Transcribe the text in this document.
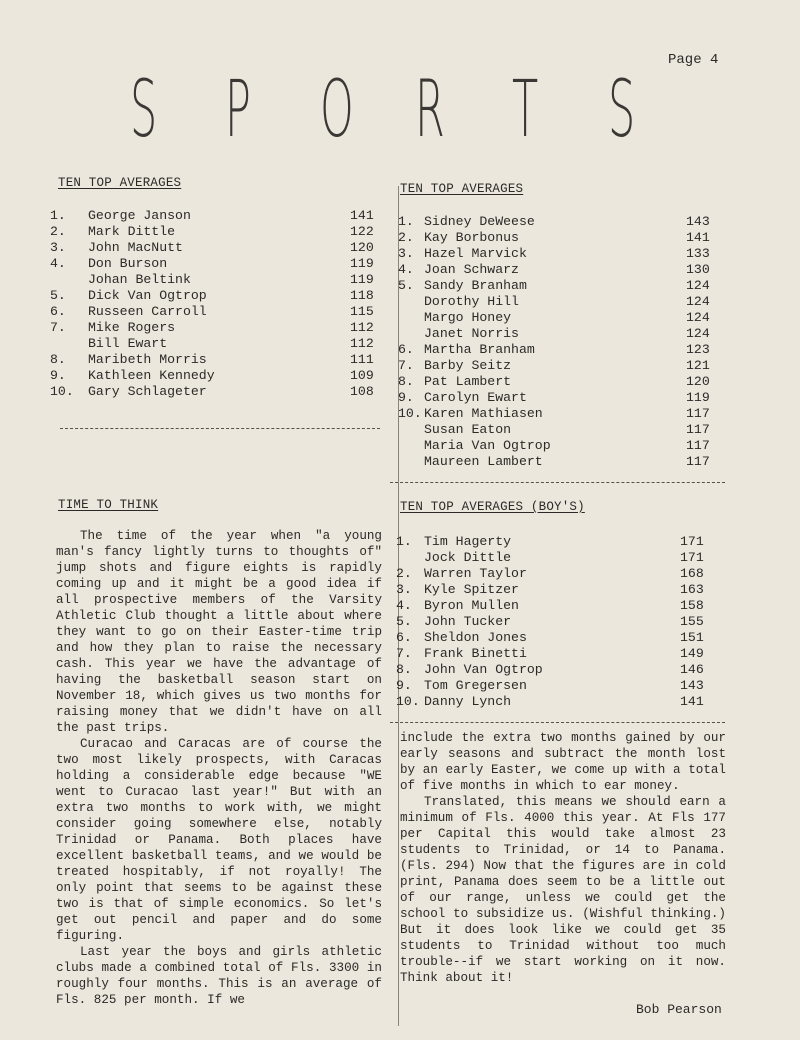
Page 4
S P O R T S
TEN TOP AVERAGES
1. George Janson	141
2. Mark Dittle	122
3. John MacNutt	120
4. Don Burson	119
Johan Beltink	119
5. Dick Van Ogtrop	118
6. Russeen Carroll	115
7. Mike Rogers	112
Bill Ewart	112
8. Maribeth Morris	111
9. Kathleen Kennedy	109
10. Gary Schlageter	108
TEN TOP AVERAGES
1. Sidney DeWeese	143
2. Kay Borbonus	141
3. Hazel Marvick	133
4. Joan Schwarz	130
5. Sandy Branham	124
Dorothy Hill	124
Margo Honey	124
Janet Norris	124
6. Martha Branham	123
7. Barby Seitz	121
8. Pat Lambert	120
9. Carolyn Ewart	119
10. Karen Mathiasen	117
Susan Eaton	117
Maria Van Ogtrop	117
Maureen Lambert	117
TEN TOP AVERAGES (BOY'S)
1. Tim Hagerty	171
Jock Dittle	171
2. Warren Taylor	168
3. Kyle Spitzer	163
4. Byron Mullen	158
5. John Tucker	155
6. Sheldon Jones	151
7. Frank Binetti	149
8. John Van Ogtrop	146
9. Tom Gregersen	143
10. Danny Lynch	141
TIME TO THINK

The time of the year when "a young man's fancy lightly turns to thoughts of" jump shots and figure eights is rapidly coming up and it might be a good idea if all prospective members of the Varsity Athletic Club thought a little about where they want to go on their Easter-time trip and how they plan to raise the necessary cash. This year we have the advantage of having the basketball season start on November 18, which gives us two months for raising money that we didn't have on all the past trips.

Curacao and Caracas are of course the two most likely prospects, with Caracas holding a considerable edge because "WE went to Curacao last year!" But with an extra two months to work with, we might consider going somewhere else, notably Trinidad or Panama. Both places have excellent basketball teams, and we would be treated hospitably, if not royally! The only point that seems to be against these two is that of simple economics. So let's get out pencil and paper and do some figuring.

Last year the boys and girls athletic clubs made a combined total of Fls. 3300 in roughly four months. This is an average of Fls. 825 per month. If we

include the extra two months gained by our early seasons and subtract the month lost by an early Easter, we come up with a total of five months in which to ear money.

Translated, this means we should earn a minimum of Fls. 4000 this year. At Fls 177 per Capital this would take almost 23 students to Trinidad, or 14 to Panama. (Fls. 294) Now that the figures are in cold print, Panama does seem to be a little out of our range, unless we could get the school to subsidize us. (Wishful thinking.) But it does look like we could get 35 students to Trinidad without too much trouble--if we start working on it now. Think about it!

Bob Pearson
